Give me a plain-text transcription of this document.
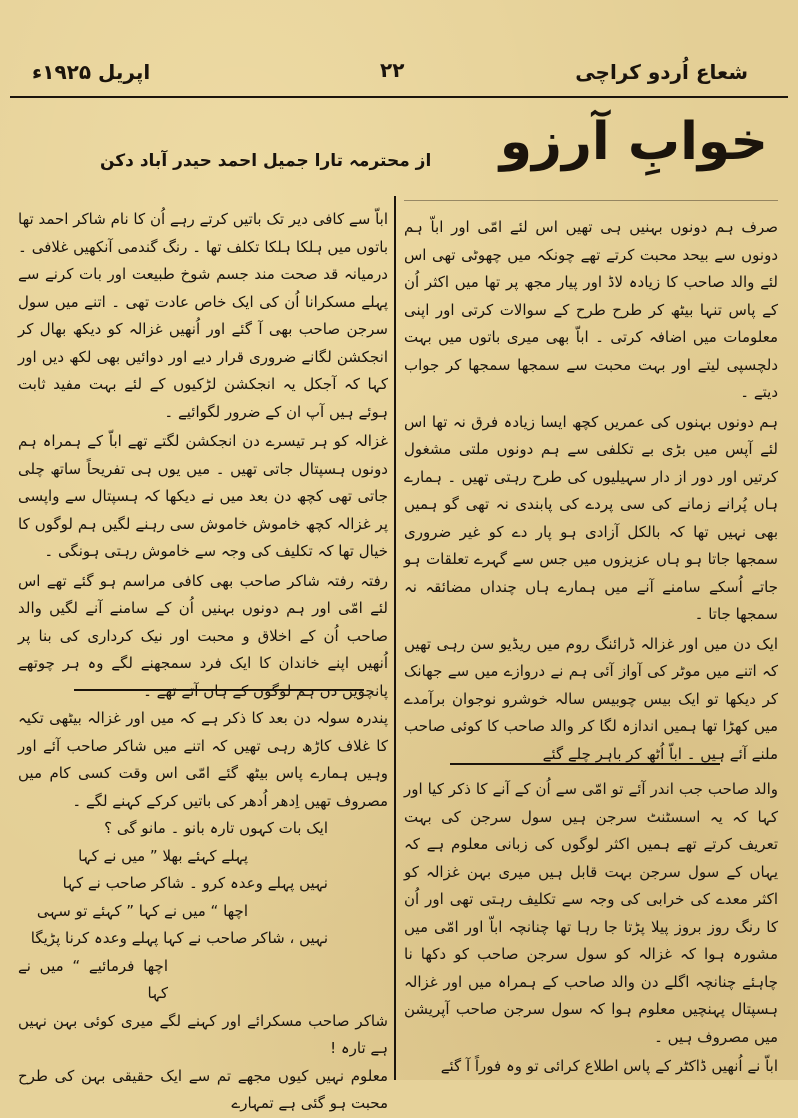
شعاع اُردو کراچی
۲۲
اپریل ۱۹۲۵ء
خوابِ آرزو
از محترمہ تارا جمیل احمد حیدر آباد دکن

صرف ہم دونوں بہنیں ہی تھیں اس لئے امّی اور اباّ ہم دونوں سے بیحد محبت کرتے تھے چونکہ میں چھوٹی تھی اس لئے والد صاحب کا زیادہ لاڈ اور پیار مجھ پر تھا میں اکثر اُن کے پاس تنہا بیٹھ کر طرح طرح کے سوالات کرتی اور اپنی معلومات میں اضافہ کرتی ۔ اباّ بھی میری باتوں میں بہت دلچسپی لیتے اور بہت محبت سے سمجھا سمجھا کر جواب دیتے ۔

ہم دونوں بہنوں کی عمریں کچھ ایسا زیادہ فرق نہ تھا اس لئے آپس میں بڑی بے تکلفی سے ہم دونوں ملتی مشغول کرتیں اور دور از دار سہیلیوں کی طرح رہتی تھیں ۔ ہمارے ہاں پُرانے زمانے کی سی پردے کی پابندی نہ تھی گو ہمیں بھی نہیں تھا کہ بالکل آزادی ہو پار دے کو غیر ضروری سمجھا جاتا ہو ہاں عزیزوں میں جس سے گہرے تعلقات ہو جاتے اُسکے سامنے آنے میں ہمارے ہاں چنداں مضائقہ نہ سمجھا جاتا ۔

ایک دن میں اور غزالہ ڈرائنگ روم میں ریڈیو سن رہی تھیں کہ اتنے میں موٹر کی آواز آئی ہم نے دروازے میں سے جھانک کر دیکھا تو ایک بیس چوبیس سالہ خوشرو نوجوان برآمدے میں کھڑا تھا ہمیں اندازہ لگا کر والد صاحب کا کوئی صاحب ملنے آئے ہیں ۔ اباّ اُٹھ کر باہر چلے گئے

والد صاحب جب اندر آئے تو امّی سے اُن کے آنے کا ذکر کیا اور کہا کہ یہ اسسٹنٹ سرجن ہیں سول سرجن کی بہت تعریف کرتے تھے ہمیں اکثر لوگوں کی زبانی معلوم ہے کہ یہاں کے سول سرجن بہت قابل ہیں میری بہن غزالہ کو اکثر معدے کی خرابی کی وجہ سے تکلیف رہتی تھی اور اُن کا رنگ روز بروز پیلا پڑتا جا رہا تھا چنانچہ اباّ اور امّی میں مشورہ ہوا کہ غزالہ کو سول سرجن صاحب کو دکھا نا چاہئے چنانچہ اگلے دن والد صاحب کے ہمراہ میں اور غزالہ ہسپتال پہنچیں معلوم ہوا کہ سول سرجن صاحب آپریشن میں مصروف ہیں ۔

اباّ نے اُنھیں ڈاکٹر کے پاس اطلاع کرائی تو وہ فوراً آ گئے

اباّ سے کافی دیر تک باتیں کرتے رہے اُن کا نام شاکر احمد تھا باتوں میں ہلکا ہلکا تکلف تھا ۔ رنگ گندمی آنکھیں غلافی ۔ درمیانہ قد صحت مند جسم شوخ طبیعت اور بات کرنے سے پہلے مسکرانا اُن کی ایک خاص عادت تھی ۔ اتنے میں سول سرجن صاحب بھی آ گئے اور اُنھیں غزالہ کو دیکھ بھال کر انجکشن لگانے ضروری قرار دیے اور دوائیں بھی لکھ دیں اور کہا کہ آجکل یہ انجکشن لڑکیوں کے لئے بہت مفید ثابت ہوئے ہیں آپ ان کے ضرور لگوائیے ۔

غزالہ کو ہر تیسرے دن انجکشن لگتے تھے اباّ کے ہمراہ ہم دونوں ہسپتال جاتی تھیں ۔ میں یوں ہی تفریحاً ساتھ چلی جاتی تھی کچھ دن بعد میں نے دیکھا کہ ہسپتال سے واپسی پر غزالہ کچھ خاموش خاموش سی رہنے لگیں ہم لوگوں کا خیال تھا کہ تکلیف کی وجہ سے خاموش رہتی ہونگی ۔

رفتہ رفتہ شاکر صاحب بھی کافی مراسم ہو گئے تھے اس لئے امّی اور ہم دونوں بہنیں اُن کے سامنے آنے لگیں والد صاحب اُن کے اخلاق و محبت اور نیک کرداری کی بنا پر اُنھیں اپنے خاندان کا ایک فرد سمجھنے لگے وہ ہر چوتھے پانچویں دن ہم لوگوں کے ہاں آتے تھے ۔

پندرہ سولہ دن بعد کا ذکر ہے کہ میں اور غزالہ بیٹھی تکیہ کا غلاف کاڑھ رہی تھیں کہ اتنے میں شاکر صاحب آئے اور وہیں ہمارے پاس بیٹھ گئے امّی اس وقت کسی کام میں مصروف تھیں اِدھر اُدھر کی باتیں کرکے کہنے لگے ۔

ایک بات کہوں تارہ بانو ۔ مانو گی ؟

پہلے کہئے بھلا ” میں نے کہا

نہیں پہلے وعدہ کرو ۔ شاکر صاحب نے کہا

اچھا “ میں نے کہا ” کہئے تو سہی

نہیں ، شاکر صاحب نے کہا پہلے وعدہ کرنا پڑیگا

اچھا فرمائیے “ میں نے کہا

شاکر صاحب مسکرائے اور کہنے لگے میری کوئی بہن نہیں ہے تارہ !

معلوم نہیں کیوں مجھے تم سے ایک حقیقی بہن کی طرح محبت ہو گئی ہے تمہارے
